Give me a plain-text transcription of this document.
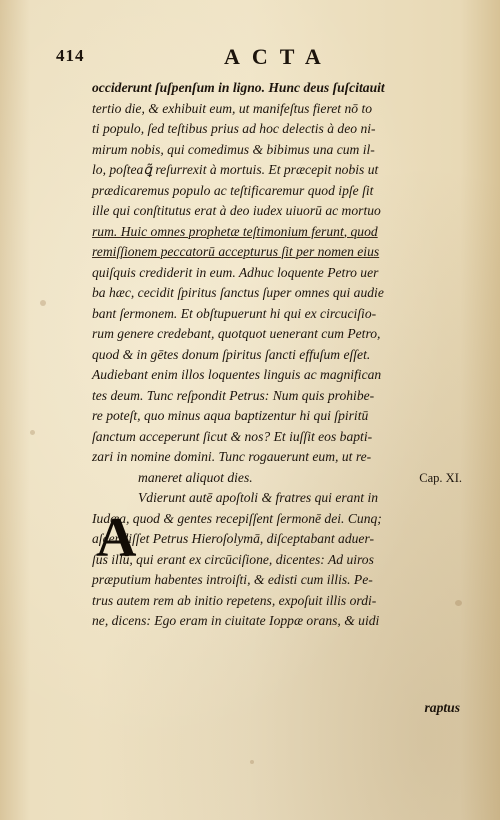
414	ACTA
occiderunt ſuſpenſum in ligno. Hunc deus ſuſcitauit
tertio die, & exhibuit eum, ut manifeſtus fieret nō to
ti populo, ſed teſtibus prius ad hoc delectis à deo ni-
mirum nobis, qui comedimus & bibimus una cum il-
lo, poſteaꝗ̃ reſurrexit à mortuis. Et præcepit nobis ut
prædicaremus populo ac teſtificaremur quod ipſe ſit
ille qui conſtitutus erat à deo iudex uiuorū ac mortuo
rum. Huic omnes prophetæ teſtimonium ferunt, quod
remiſſionem peccatorū accepturus ſit per nomen eius
quiſquis crediderit in eum. Adhuc loquente Petro uer
ba hæc, cecidit ſpiritus ſanctus ſuper omnes qui audie
bant ſermonem. Et obſtupuerunt hi qui ex circuciſio-
rum genere credebant, quotquot uenerant cum Petro,
quod & in gētes donum ſpiritus ſancti effuſum eſſet.
Audiebant enim illos loquentes linguis ac magnifican
tes deum. Tunc reſpondit Petrus: Num quis prohibe-
re poteſt, quo minus aqua baptizentur hi qui ſpiritū
ſanctum acceperunt ſicut & nos? Et iuſſit eos bapti-
zari in nomine domini. Tunc rogauerunt eum, ut re-
maneret aliquot dies.	Cap. XI.
Vdierunt autē apoſtoli & fratres qui erant in
Iudæa, quod & gentes recepiſſent ſermonē dei. Cunq;
aſcendiſſet Petrus Hieroſolymā, diſceptabant aduer-
ſus illū, qui erant ex circūciſione, dicentes: Ad uiros
præputium habentes introiſti, & edisti cum illis. Pe-
trus autem rem ab initio repetens, expoſuit illis ordi-
ne, dicens: Ego eram in ciuitate Ioppæ orans, & uidi
A
raptus
